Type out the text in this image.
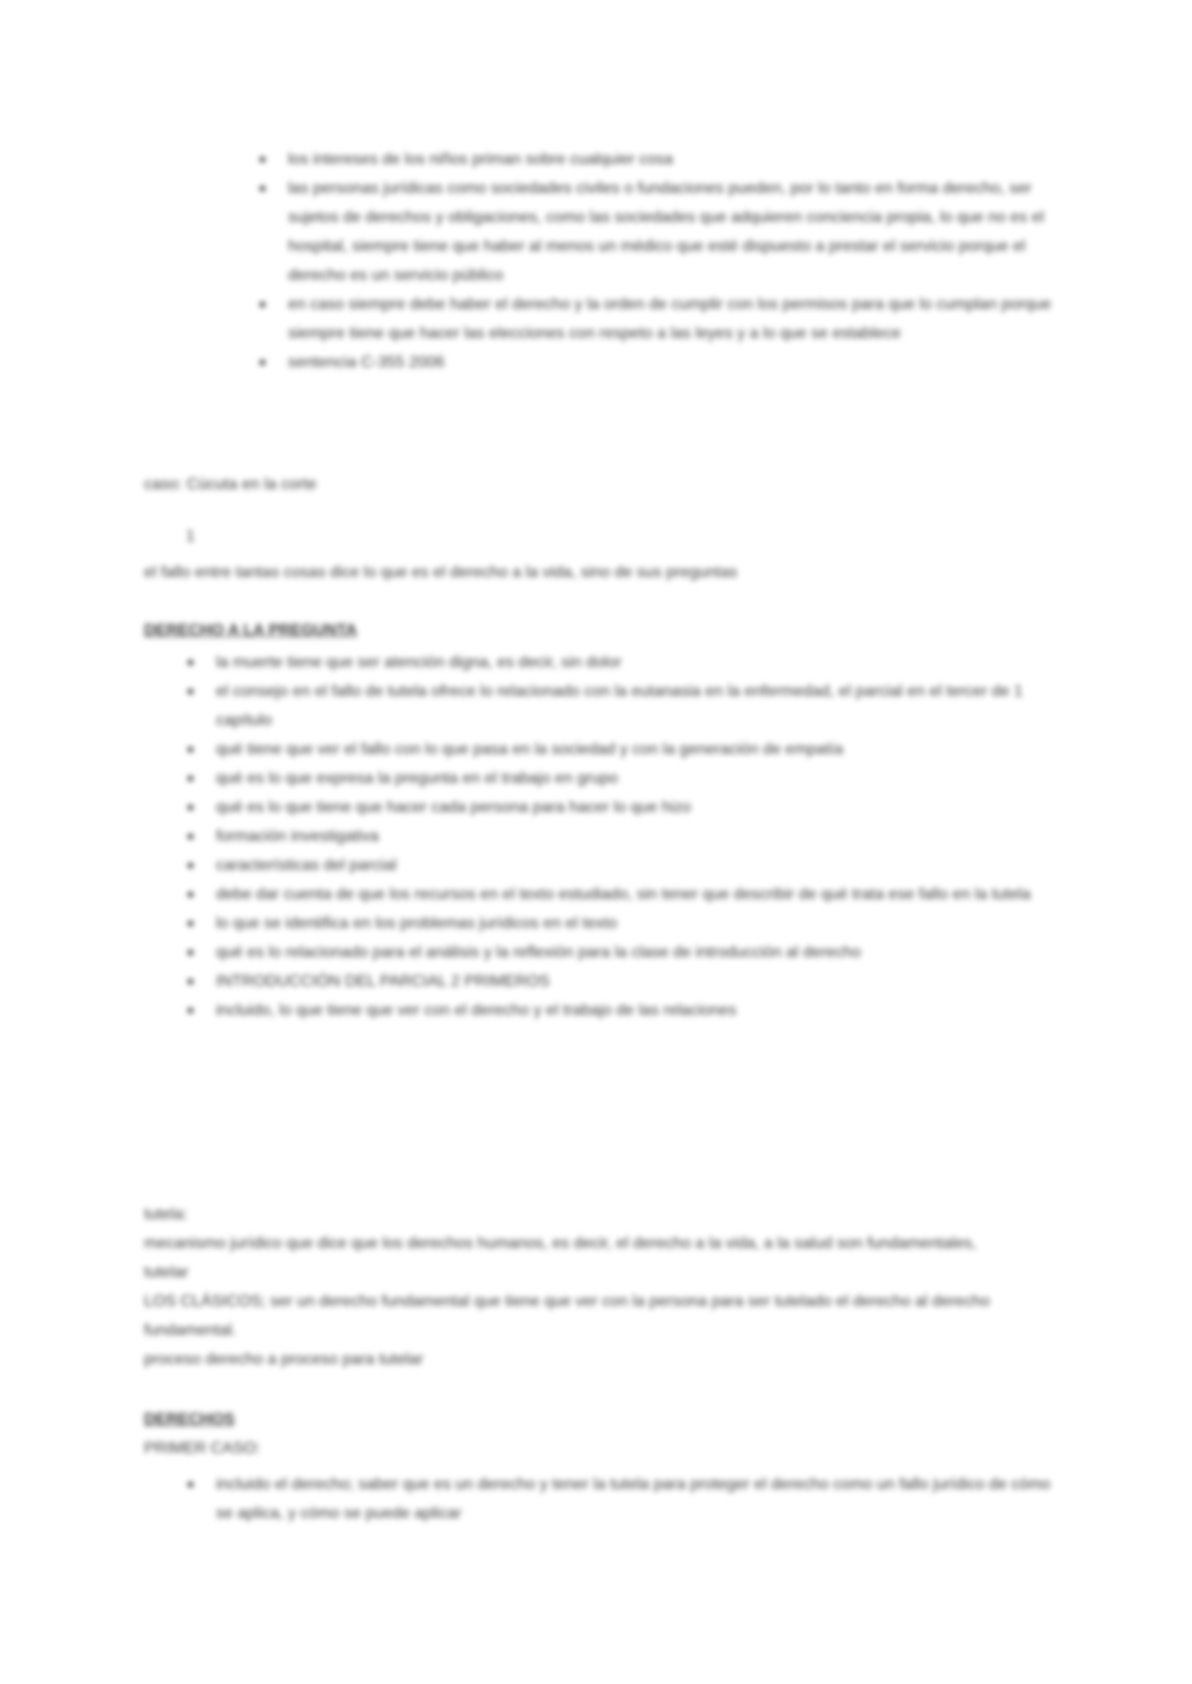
los intereses de los niños priman sobre cualquier cosa
las personas jurídicas como sociedades civiles o fundaciones pueden, por lo tanto en forma derecho, ser sujetos de derechos y obligaciones, como las sociedades que adquieren conciencia propia, lo que no es el hospital, siempre tiene que haber al menos un médico que esté dispuesto a prestar el servicio porque el derecho es un servicio público
en caso siempre debe haber el derecho y la orden de cumplir con los permisos para que lo cumplan porque siempre tiene que hacer las elecciones con respeto a las leyes y a lo que se establece
sentencia C-355 2006
caso: Cúcuta en la corte
1
el fallo entre tantas cosas dice lo que es el derecho a la vida, sino de sus preguntas
DERECHO A LA PREGUNTA
la muerte tiene que ser atención digna, es decir, sin dolor
el consejo en el fallo de tutela ofrece lo relacionado con la eutanasia en la enfermedad, el parcial en el tercer de 1 capítulo
qué tiene que ver el fallo con lo que pasa en la sociedad y con la generación de empatía
qué es lo que expresa la pregunta en el trabajo en grupo
qué es lo que tiene que hacer cada persona para hacer lo que hizo
formación investigativa
características del parcial
debe dar cuenta de que los recursos en el texto estudiado, sin tener que describir de qué trata ese fallo en la tutela
lo que se identifica en los problemas jurídicos en el texto
qué es lo relacionado para el análisis y la reflexión para la clase de introducción al derecho
INTRODUCCIÓN DEL PARCIAL 2 PRIMEROS
incluido, lo que tiene que ver con el derecho y el trabajo de las relaciones
tutela:
mecanismo jurídico que dice que los derechos humanos, es decir, el derecho a la vida, a la salud son fundamentales,
tutelar
LOS CLÁSICOS; ser un derecho fundamental que tiene que ver con la persona para ser tutelado el derecho al derecho fundamental.
proceso derecho a proceso para tutelar
DERECHOS
PRIMER CASO:
incluido el derecho; saber que es un derecho y tener la tutela para proteger el derecho como un fallo jurídico de cómo se aplica, y cómo se puede aplicar
